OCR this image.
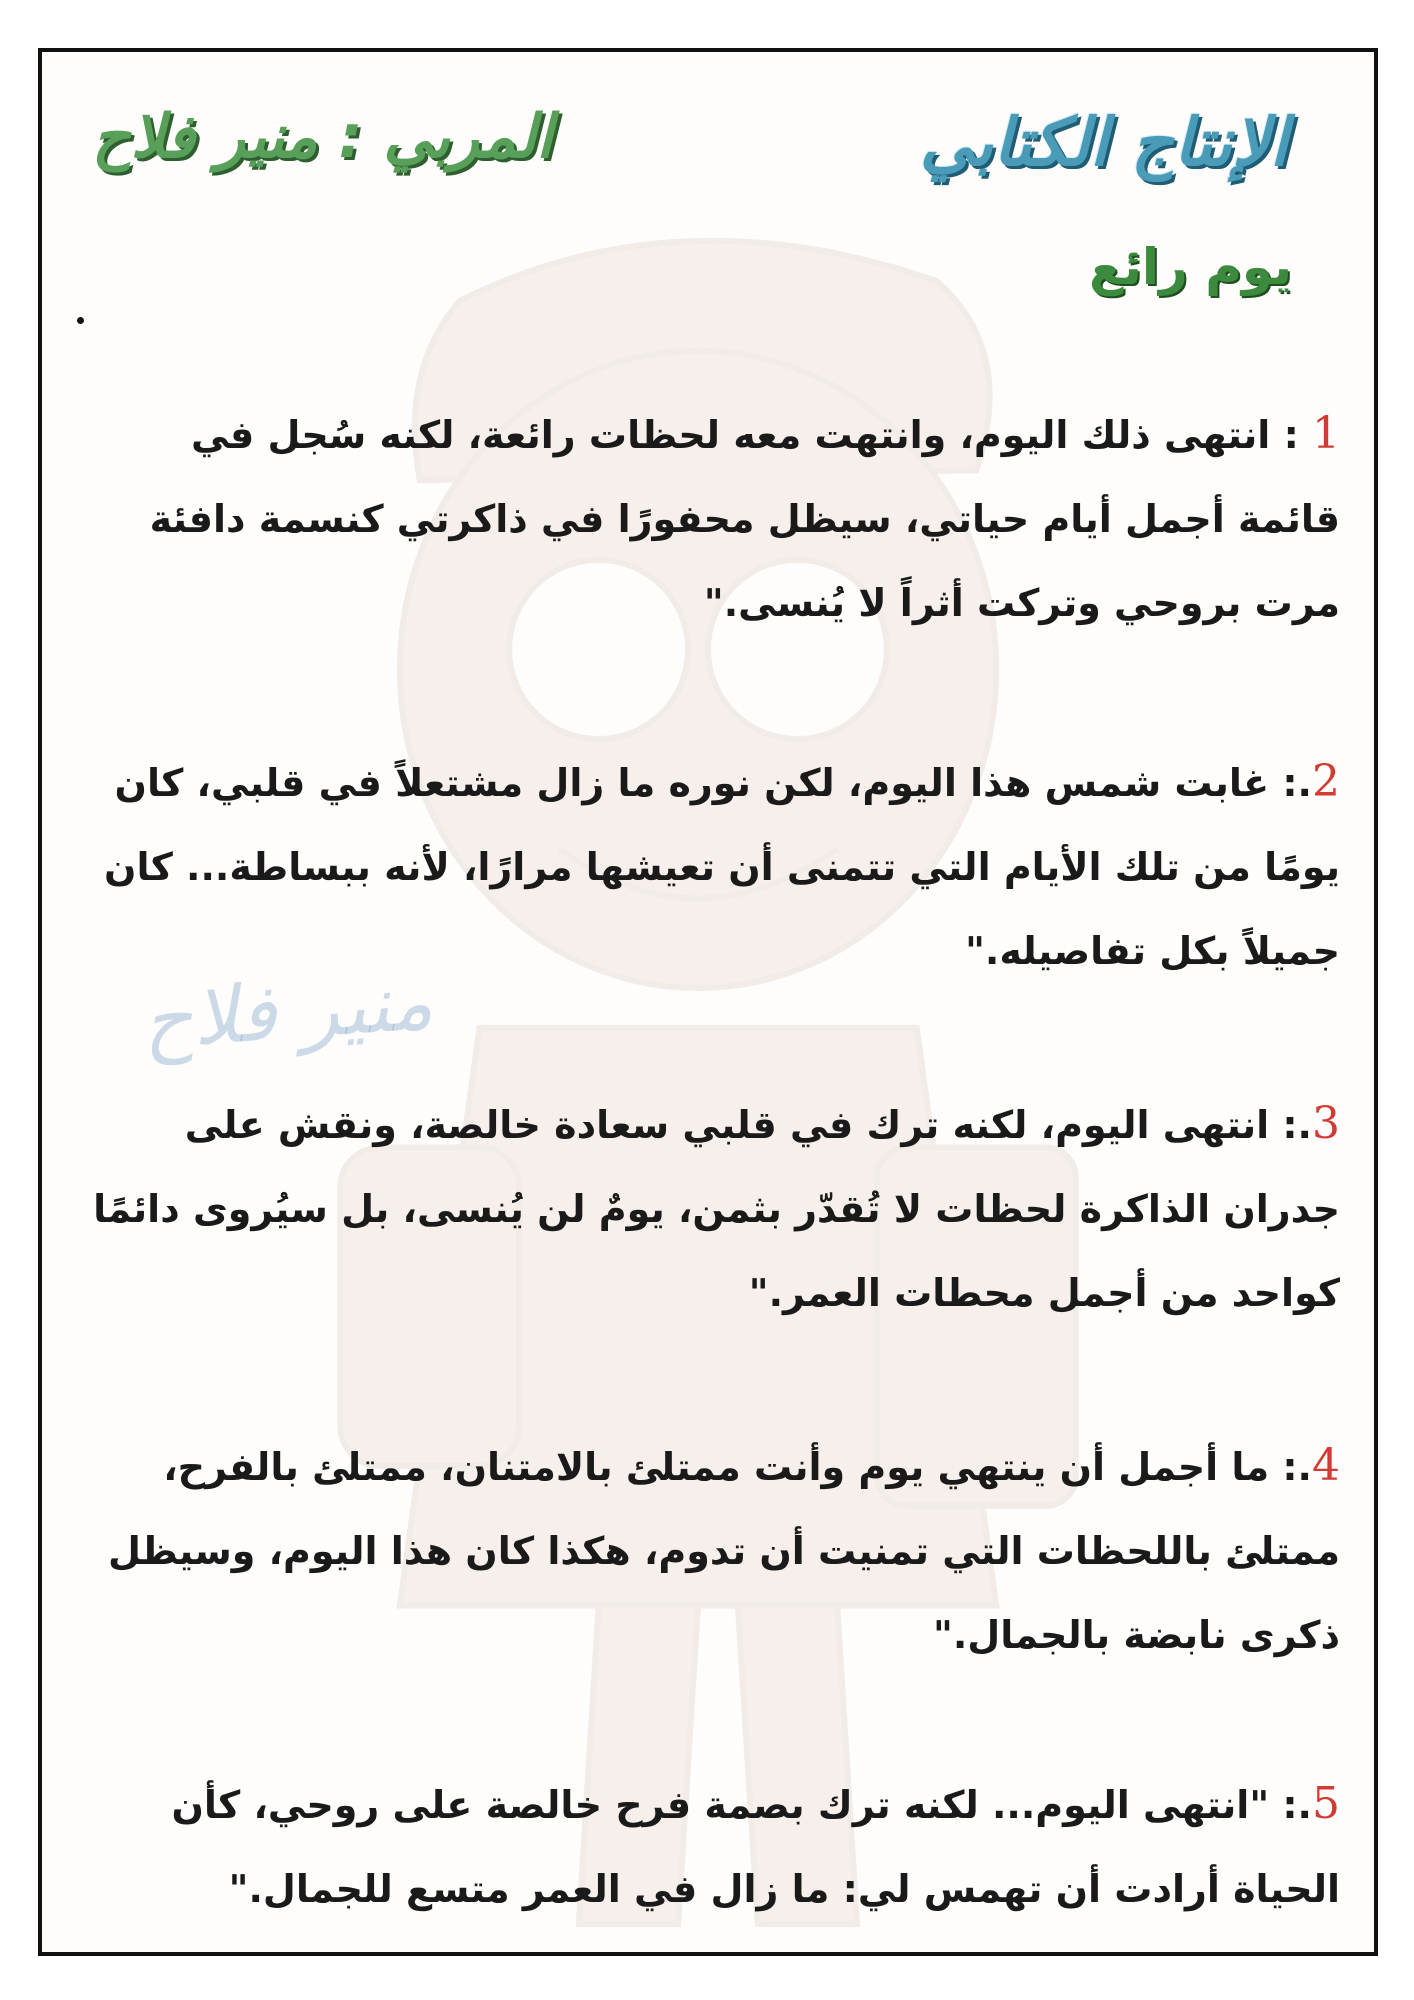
الإنتاج الكتابي
المربي : منير فلاح
يوم رائع
منير فلاح
1 : انتهى ذلك اليوم، وانتهت معه لحظات رائعة، لكنه سُجل في قائمة أجمل أيام حياتي، سيظل محفورًا في ذاكرتي كنسمة دافئة مرت بروحي وتركت أثراً لا يُنسى."
2.: غابت شمس هذا اليوم، لكن نوره ما زال مشتعلاً في قلبي، كان يومًا من تلك الأيام التي تتمنى أن تعيشها مرارًا، لأنه ببساطة... كان جميلاً بكل تفاصيله."
3.: انتهى اليوم، لكنه ترك في قلبي سعادة خالصة، ونقش على جدران الذاكرة لحظات لا تُقدّر بثمن، يومٌ لن يُنسى، بل سيُروى دائمًا كواحد من أجمل محطات العمر."
4.: ما أجمل أن ينتهي يوم وأنت ممتلئ بالامتنان، ممتلئ بالفرح، ممتلئ باللحظات التي تمنيت أن تدوم، هكذا كان هذا اليوم، وسيظل ذكرى نابضة بالجمال."
5.: "انتهى اليوم... لكنه ترك بصمة فرح خالصة على روحي، كأن الحياة أرادت أن تهمس لي: ما زال في العمر متسع للجمال."
